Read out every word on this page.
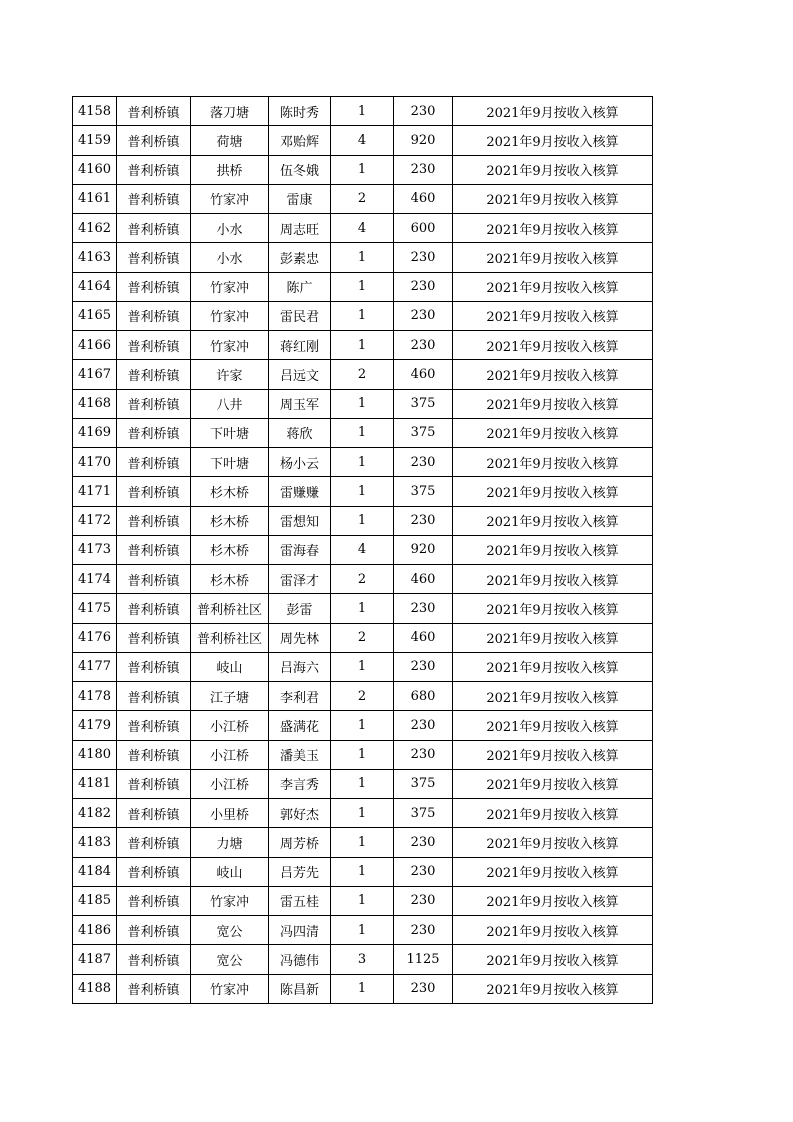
4158	普利桥镇	落刀塘	陈时秀	1	230	2021年9月按收入核算
4159	普利桥镇	荷塘	邓贻辉	4	920	2021年9月按收入核算
4160	普利桥镇	拱桥	伍冬娥	1	230	2021年9月按收入核算
4161	普利桥镇	竹家冲	雷康	2	460	2021年9月按收入核算
4162	普利桥镇	小水	周志旺	4	600	2021年9月按收入核算
4163	普利桥镇	小水	彭素忠	1	230	2021年9月按收入核算
4164	普利桥镇	竹家冲	陈广	1	230	2021年9月按收入核算
4165	普利桥镇	竹家冲	雷民君	1	230	2021年9月按收入核算
4166	普利桥镇	竹家冲	蒋红刚	1	230	2021年9月按收入核算
4167	普利桥镇	许家	吕远文	2	460	2021年9月按收入核算
4168	普利桥镇	八井	周玉军	1	375	2021年9月按收入核算
4169	普利桥镇	下叶塘	蒋欣	1	375	2021年9月按收入核算
4170	普利桥镇	下叶塘	杨小云	1	230	2021年9月按收入核算
4171	普利桥镇	杉木桥	雷赚赚	1	375	2021年9月按收入核算
4172	普利桥镇	杉木桥	雷想知	1	230	2021年9月按收入核算
4173	普利桥镇	杉木桥	雷海春	4	920	2021年9月按收入核算
4174	普利桥镇	杉木桥	雷泽才	2	460	2021年9月按收入核算
4175	普利桥镇	普利桥社区	彭雷	1	230	2021年9月按收入核算
4176	普利桥镇	普利桥社区	周先林	2	460	2021年9月按收入核算
4177	普利桥镇	岐山	吕海六	1	230	2021年9月按收入核算
4178	普利桥镇	江子塘	李利君	2	680	2021年9月按收入核算
4179	普利桥镇	小江桥	盛满花	1	230	2021年9月按收入核算
4180	普利桥镇	小江桥	潘美玉	1	230	2021年9月按收入核算
4181	普利桥镇	小江桥	李言秀	1	375	2021年9月按收入核算
4182	普利桥镇	小里桥	郭好杰	1	375	2021年9月按收入核算
4183	普利桥镇	力塘	周芳桥	1	230	2021年9月按收入核算
4184	普利桥镇	岐山	吕芳先	1	230	2021年9月按收入核算
4185	普利桥镇	竹家冲	雷五桂	1	230	2021年9月按收入核算
4186	普利桥镇	宽公	冯四清	1	230	2021年9月按收入核算
4187	普利桥镇	宽公	冯德伟	3	1125	2021年9月按收入核算
4188	普利桥镇	竹家冲	陈昌新	1	230	2021年9月按收入核算
